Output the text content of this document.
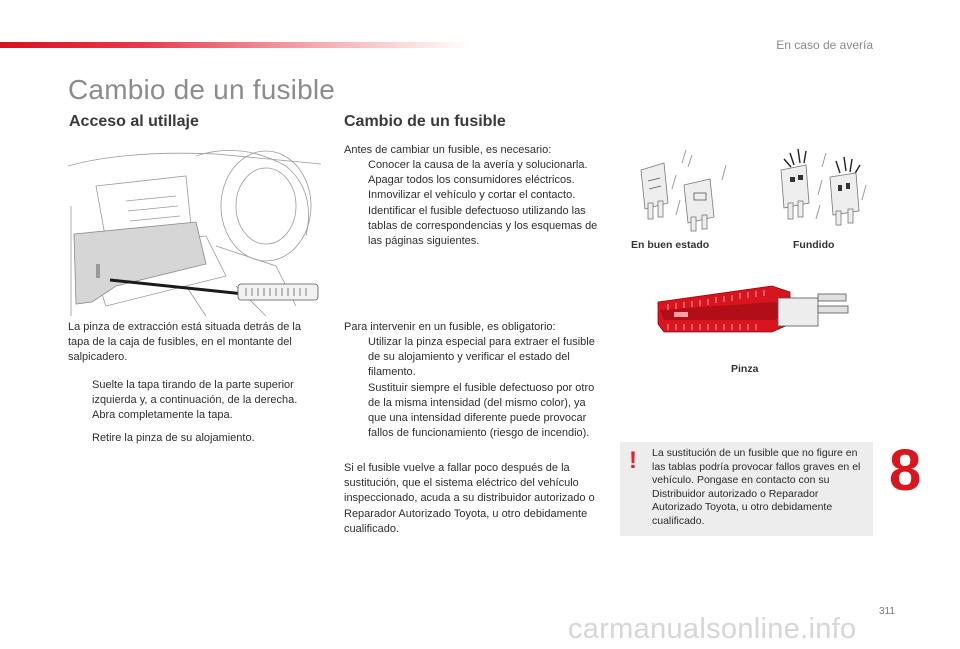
En caso de avería
Cambio de un fusible
Acceso al utillaje

La pinza de extracción está situada detrás de la tapa de la caja de fusibles, en el montante del salpicadero.

Suelte la tapa tirando de la parte superior izquierda y, a continuación, de la derecha.
Abra completamente la tapa.
Retire la pinza de su alojamiento.
Cambio de un fusible

Antes de cambiar un fusible, es necesario:

Conocer la causa de la avería y solucionarla.
Apagar todos los consumidores eléctricos.
Inmovilizar el vehículo y cortar el contacto.
Identificar el fusible defectuoso utilizando las tablas de correspondencias y los esquemas de las páginas siguientes.

Para intervenir en un fusible, es obligatorio:

Utilizar la pinza especial para extraer el fusible de su alojamiento y verificar el estado del filamento.
Sustituir siempre el fusible defectuoso por otro de la misma intensidad (del mismo color), ya que una intensidad diferente puede provocar fallos de funcionamiento (riesgo de incendio).

Si el fusible vuelve a fallar poco después de la sustitución, que el sistema eléctrico del vehículo inspeccionado, acuda a su distribuidor autorizado o Reparador Autorizado Toyota, u otro debidamente cualificado.

En buen estado	Fundido
Pinza
! La sustitución de un fusible que no figure en las tablas podría provocar fallos graves en el vehículo. Pongase en contacto con su Distribuidor autorizado o Reparador Autorizado Toyota, u otro debidamente cualificado.
8
311
carmanualsonline.info
